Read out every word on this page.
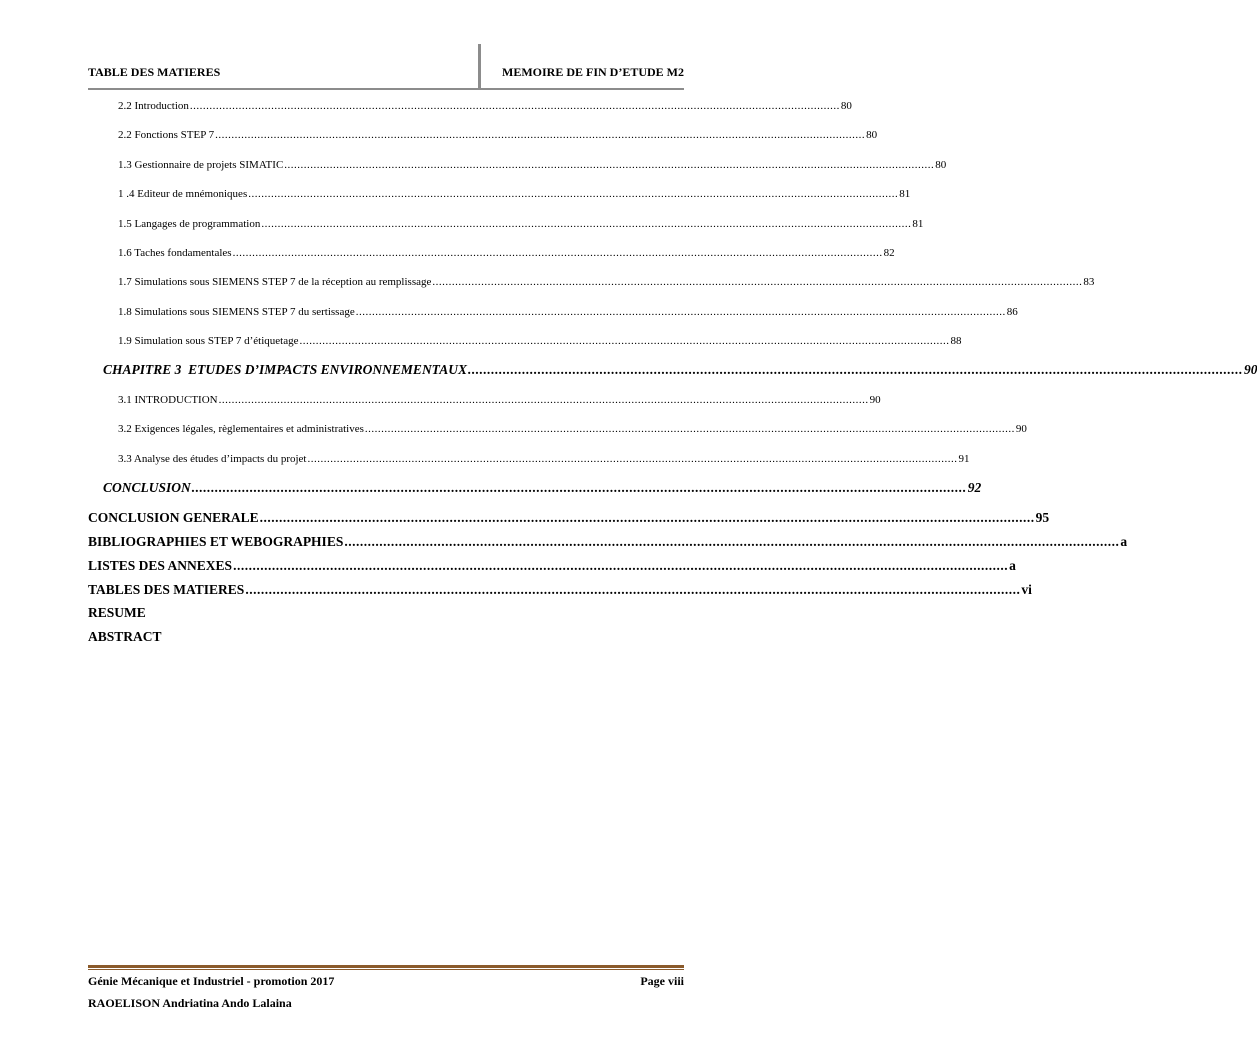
TABLE DES MATIERES	MEMOIRE DE FIN D’ETUDE M2
2.2 Introduction ........................................................................................................................................................................................................ 80
2.2 Fonctions STEP 7 ........................................................................................................................................................................................................ 80
1.3 Gestionnaire de projets SIMATIC ........................................................................................................................................................................................................ 80
1 .4 Editeur de mnémoniques ........................................................................................................................................................................................................ 81
1.5 Langages de programmation ........................................................................................................................................................................................................ 81
1.6 Taches fondamentales ........................................................................................................................................................................................................ 82
1.7 Simulations sous SIEMENS STEP 7 de la réception au remplissage ........................................................................................................................................................................................................ 83
1.8 Simulations sous SIEMENS STEP 7 du sertissage ........................................................................................................................................................................................................ 86
1.9 Simulation sous STEP 7 d’étiquetage ........................................................................................................................................................................................................ 88
CHAPITRE 3  ETUDES D’IMPACTS ENVIRONNEMENTAUX ........................................................................................................................................................................................................ 90
3.1 INTRODUCTION ........................................................................................................................................................................................................ 90
3.2 Exigences légales, règlementaires et administratives ........................................................................................................................................................................................................ 90
3.3 Analyse des études d’impacts du projet ........................................................................................................................................................................................................ 91
CONCLUSION ........................................................................................................................................................................................................ 92
CONCLUSION GENERALE ........................................................................................................................................................................................................ 95
BIBLIOGRAPHIES ET WEBOGRAPHIES ........................................................................................................................................................................................................ a
LISTES DES ANNEXES ........................................................................................................................................................................................................ a
TABLES DES MATIERES ........................................................................................................................................................................................................ vi
RESUME
ABSTRACT
Génie Mécanique et Industriel - promotion 2017	Page viii
RAOELISON Andriatina Ando Lalaina
